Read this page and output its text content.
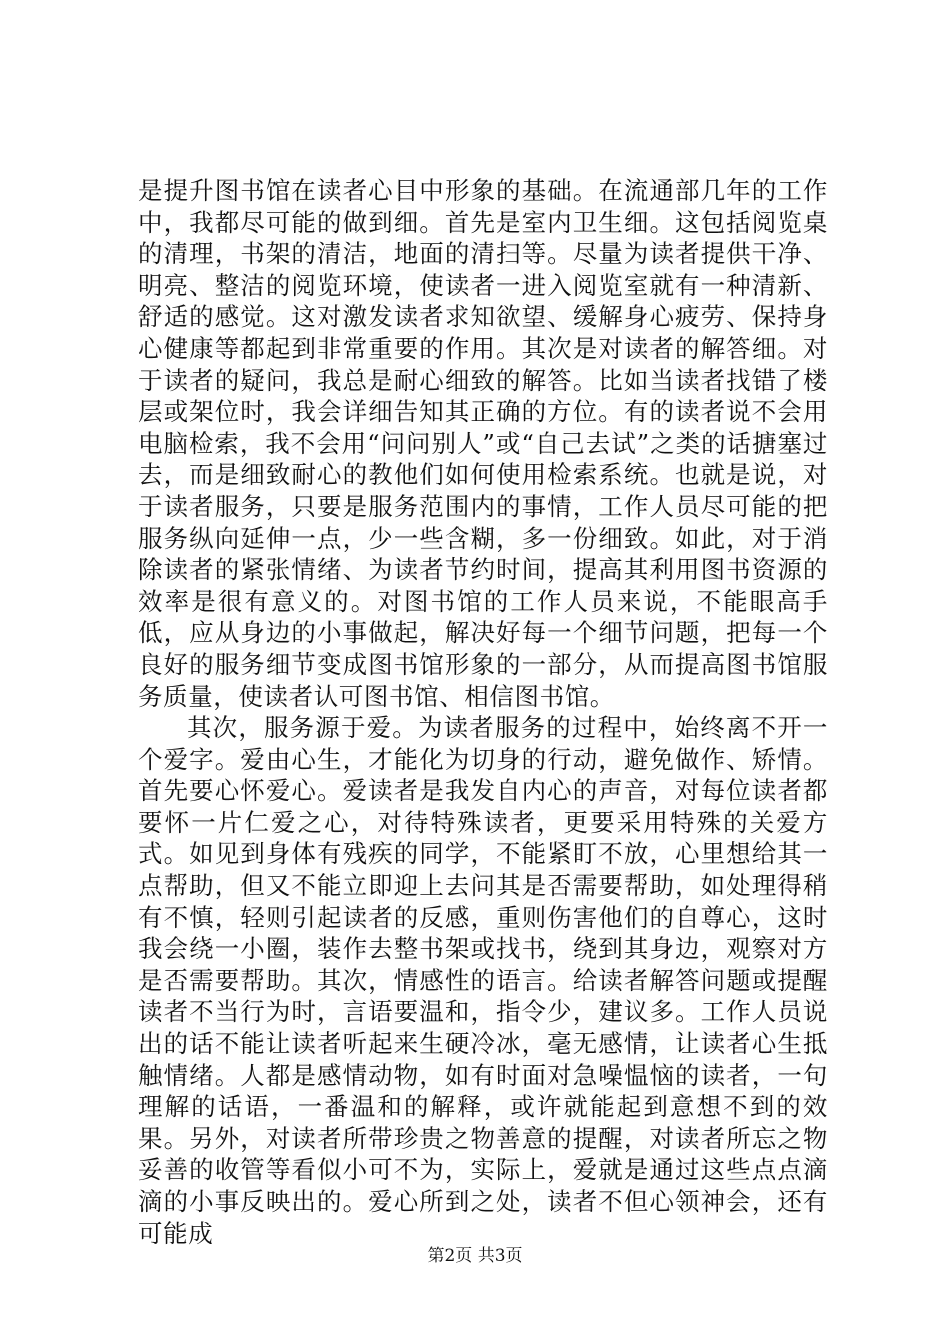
是提升图书馆在读者心目中形象的基础。在流通部几年的工作中，我都尽可能的做到细。首先是室内卫生细。这包括阅览桌的清理，书架的清洁，地面的清扫等。尽量为读者提供干净、明亮、整洁的阅览环境，使读者一进入阅览室就有一种清新、舒适的感觉。这对激发读者求知欲望、缓解身心疲劳、保持身心健康等都起到非常重要的作用。其次是对读者的解答细。对于读者的疑问，我总是耐心细致的解答。比如当读者找错了楼层或架位时，我会详细告知其正确的方位。有的读者说不会用电脑检索，我不会用“问问别人”或“自己去试”之类的话搪塞过去，而是细致耐心的教他们如何使用检索系统。也就是说，对于读者服务，只要是服务范围内的事情，工作人员尽可能的把服务纵向延伸一点，少一些含糊，多一份细致。如此，对于消除读者的紧张情绪、为读者节约时间，提高其利用图书资源的效率是很有意义的。对图书馆的工作人员来说，不能眼高手低，应从身边的小事做起，解决好每一个细节问题，把每一个良好的服务细节变成图书馆形象的一部分，从而提高图书馆服务质量，使读者认可图书馆、相信图书馆。

其次，服务源于爱。为读者服务的过程中，始终离不开一个爱字。爱由心生，才能化为切身的行动，避免做作、矫情。首先要心怀爱心。爱读者是我发自内心的声音，对每位读者都要怀一片仁爱之心，对待特殊读者，更要采用特殊的关爱方式。如见到身体有残疾的同学，不能紧盯不放，心里想给其一点帮助，但又不能立即迎上去问其是否需要帮助，如处理得稍有不慎，轻则引起读者的反感，重则伤害他们的自尊心，这时我会绕一小圈，装作去整书架或找书，绕到其身边，观察对方是否需要帮助。其次，情感性的语言。给读者解答问题或提醒读者不当行为时，言语要温和，指令少，建议多。工作人员说出的话不能让读者听起来生硬冷冰，毫无感情，让读者心生抵触情绪。人都是感情动物，如有时面对急噪愠恼的读者，一句理解的话语，一番温和的解释，或许就能起到意想不到的效果。另外，对读者所带珍贵之物善意的提醒，对读者所忘之物妥善的收管等看似小可不为，实际上，爱就是通过这些点点滴滴的小事反映出的。爱心所到之处，读者不但心领神会，还有可能成

第2页 共3页
